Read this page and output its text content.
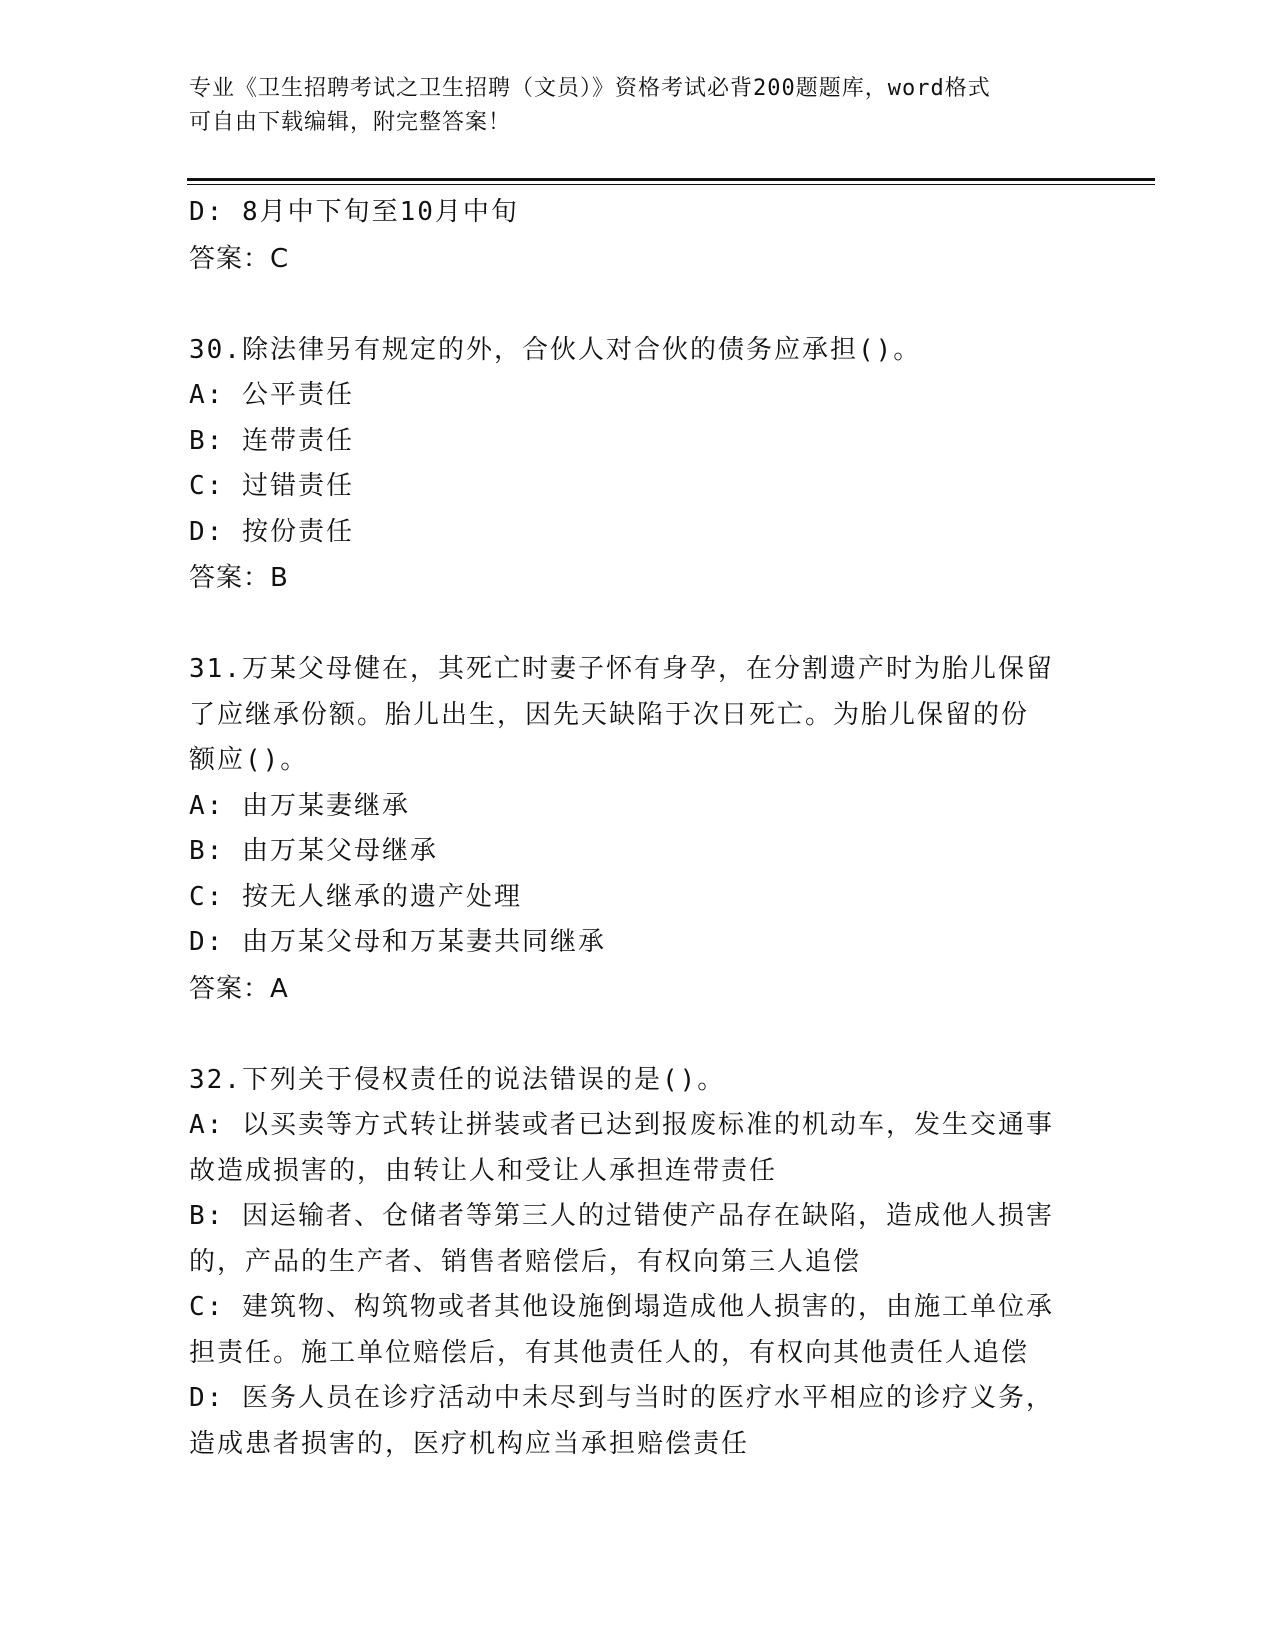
专业《卫生招聘考试之卫生招聘（文员）》资格考试必背200题题库，word格式
可自由下载编辑，附完整答案！
D: 8月中下旬至10月中旬
答案：C
30.除法律另有规定的外，合伙人对合伙的债务应承担()。
A: 公平责任
B: 连带责任
C: 过错责任
D: 按份责任
答案：B
31.万某父母健在，其死亡时妻子怀有身孕，在分割遗产时为胎儿保留
了应继承份额。胎儿出生，因先天缺陷于次日死亡。为胎儿保留的份
额应()。
A: 由万某妻继承
B: 由万某父母继承
C: 按无人继承的遗产处理
D: 由万某父母和万某妻共同继承
答案：A
32.下列关于侵权责任的说法错误的是()。
A: 以买卖等方式转让拼装或者已达到报废标准的机动车，发生交通事
故造成损害的，由转让人和受让人承担连带责任
B: 因运输者、仓储者等第三人的过错使产品存在缺陷，造成他人损害
的，产品的生产者、销售者赔偿后，有权向第三人追偿
C: 建筑物、构筑物或者其他设施倒塌造成他人损害的，由施工单位承
担责任。施工单位赔偿后，有其他责任人的，有权向其他责任人追偿
D: 医务人员在诊疗活动中未尽到与当时的医疗水平相应的诊疗义务，
造成患者损害的，医疗机构应当承担赔偿责任
